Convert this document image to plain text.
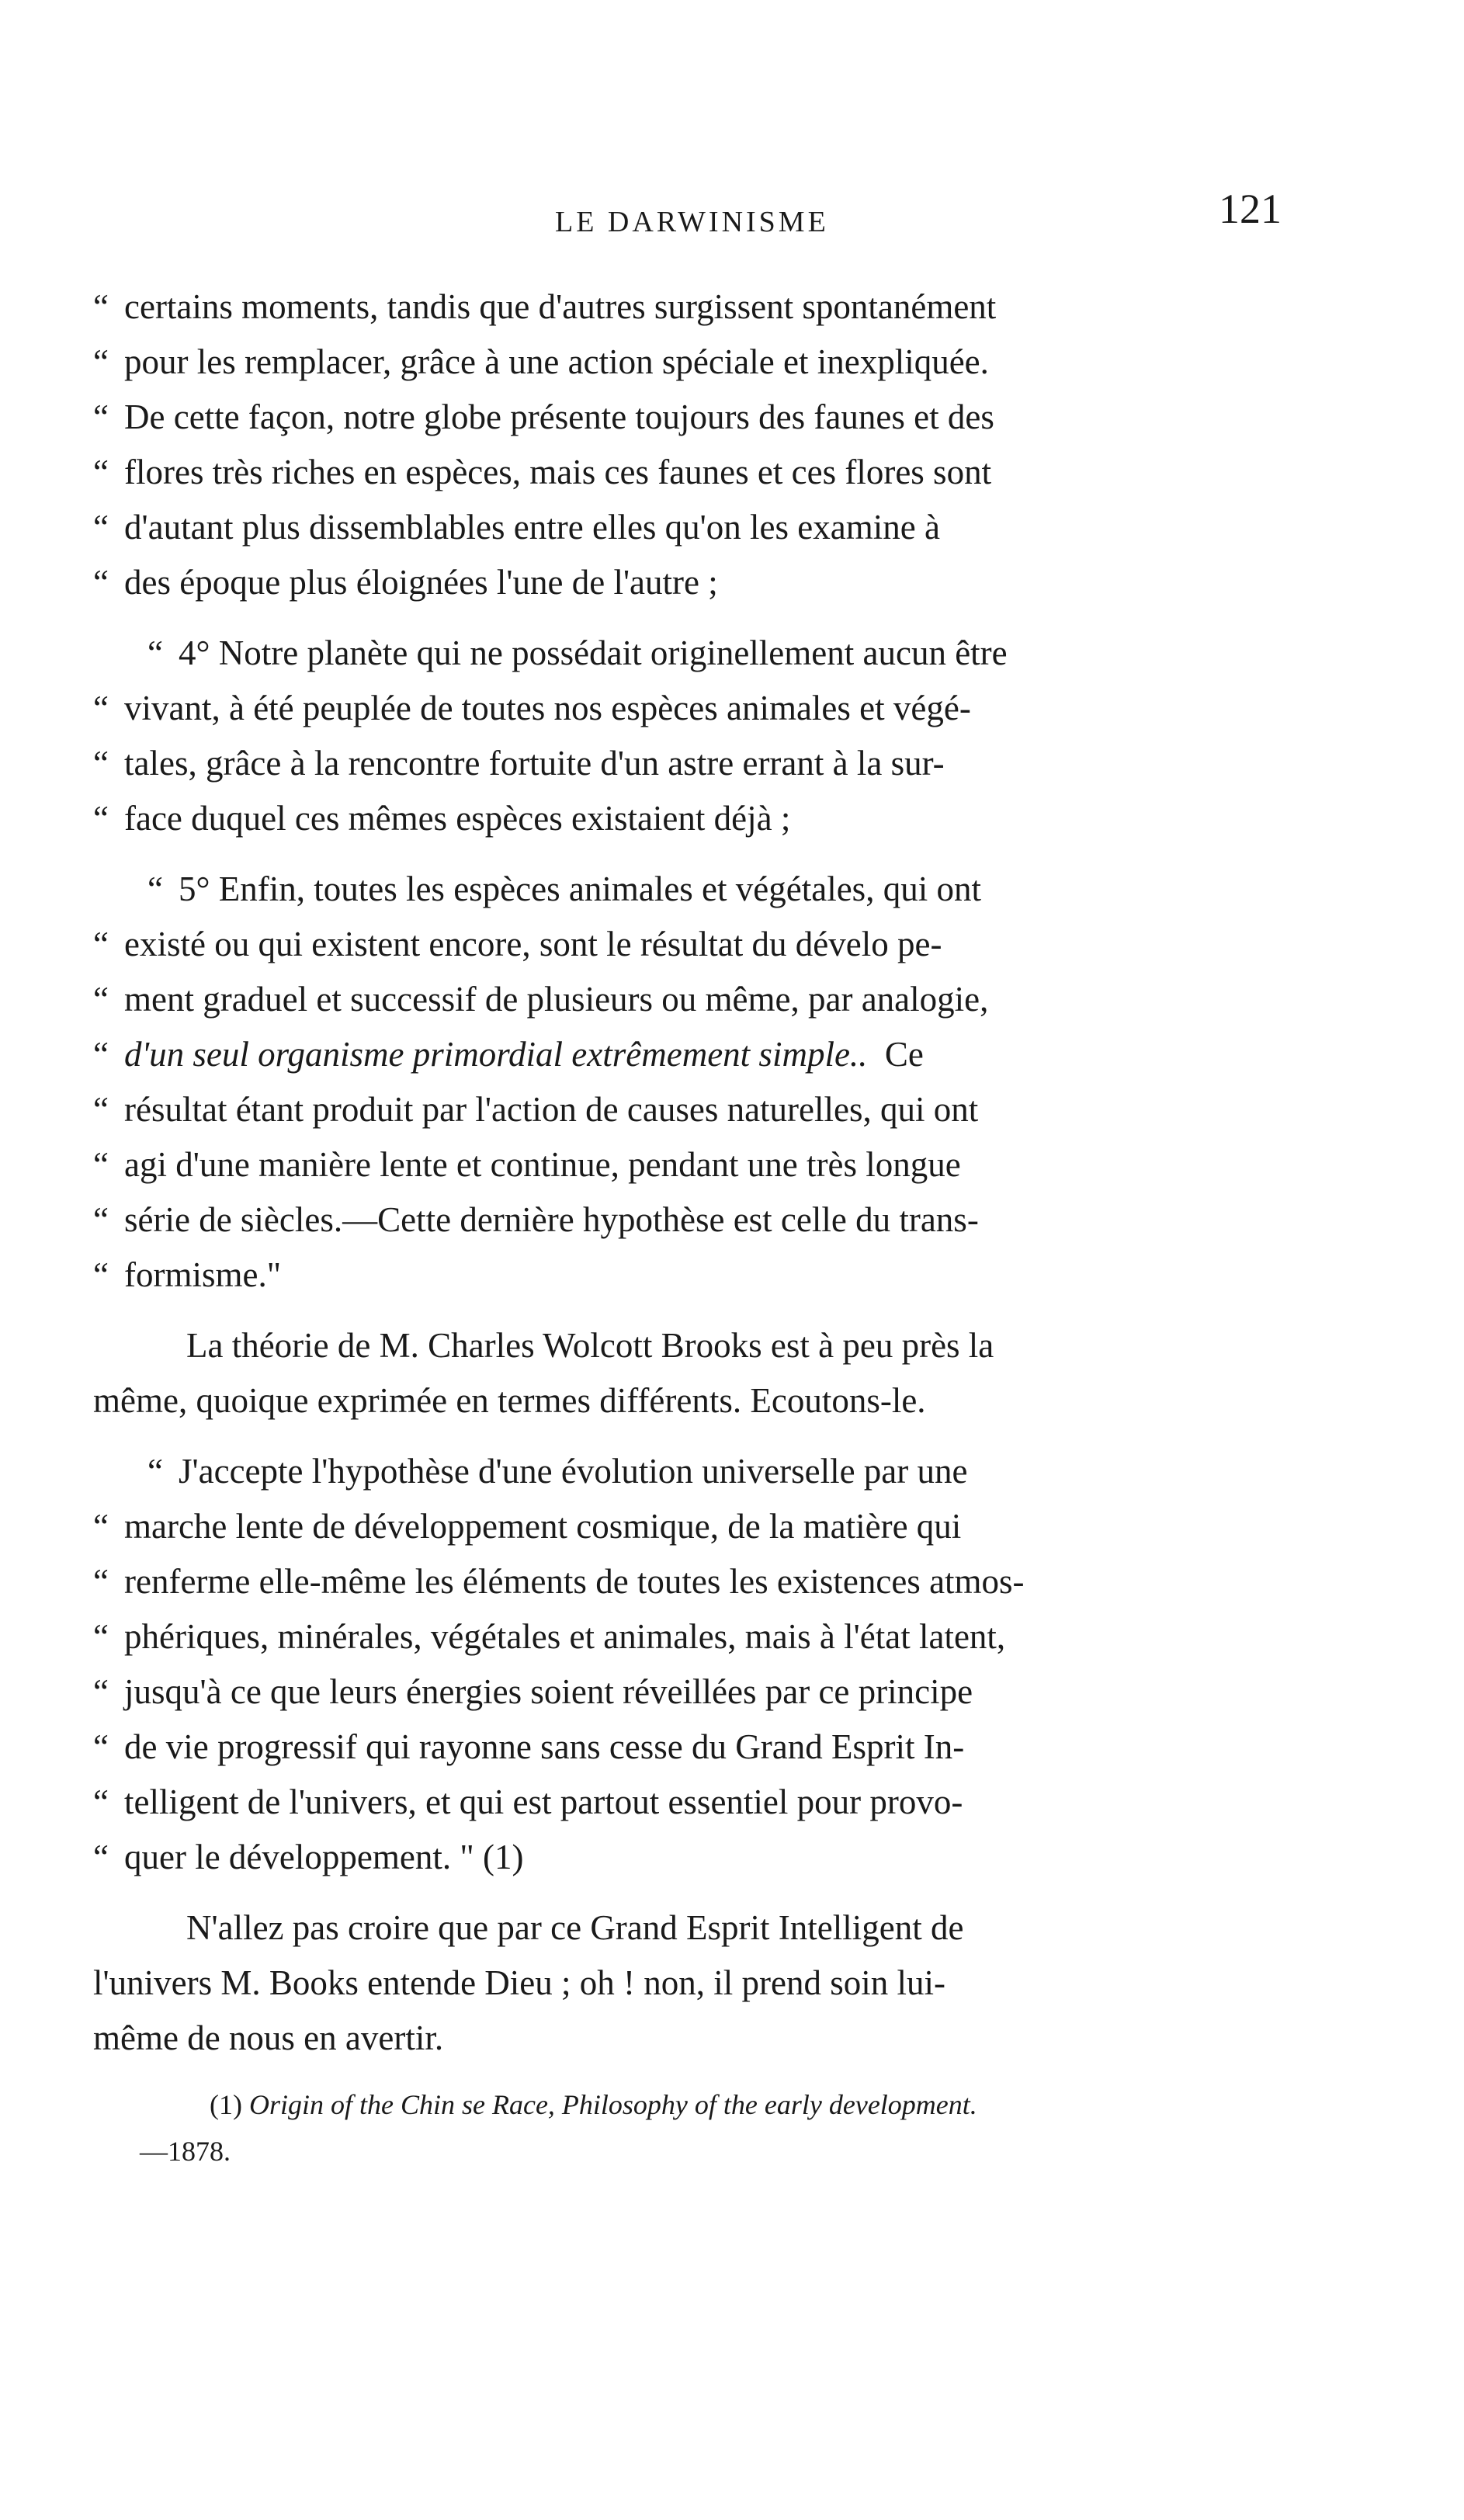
LE DARWINISME	121
“ certains moments, tandis que d'autres surgissent spontanément
“ pour les remplacer, grâce à une action spéciale et inexpliquée.
“ De cette façon, notre globe présente toujours des faunes et des
“ flores très riches en espèces, mais ces faunes et ces flores sont
“ d'autant plus dissemblables entre elles qu'on les examine à
“ des époque plus éloignées l'une de l'autre ;
“ 4° Notre planète qui ne possédait originellement aucun être
“ vivant, à été peuplée de toutes nos espèces animales et végé-
“ tales, grâce à la rencontre fortuite d'un astre errant à la sur-
“ face duquel ces mêmes espèces existaient déjà ;
“ 5° Enfin, toutes les espèces animales et végétales, qui ont
“ existé ou qui existent encore, sont le résultat du dévelo pe-
“ ment graduel et successif de plusieurs ou même, par analogie,
“ d'un seul organisme primordial extrêmement simple.. Ce
“ résultat étant produit par l'action de causes naturelles, qui ont
“ agi d'une manière lente et continue, pendant une très longue
“ série de siècles.—Cette dernière hypothèse est celle du trans-
“ formisme."
La théorie de M. Charles Wolcott Brooks est à peu près la
même, quoique exprimée en termes différents. Ecoutons-le.
“ J'accepte l'hypothèse d'une évolution universelle par une
“ marche lente de développement cosmique, de la matière qui
“ renferme elle-même les éléments de toutes les existences atmos-
“ phériques, minérales, végétales et animales, mais à l'état latent,
“ jusqu'à ce que leurs énergies soient réveillées par ce principe
“ de vie progressif qui rayonne sans cesse du Grand Esprit In-
“ telligent de l'univers, et qui est partout essentiel pour provo-
“ quer le développement. " (1)
N'allez pas croire que par ce Grand Esprit Intelligent de
l'univers M. Books entende Dieu ; oh ! non, il prend soin lui-
même de nous en avertir.
(1) Origin of the Chin se Race, Philosophy of the early development.
—1878.
